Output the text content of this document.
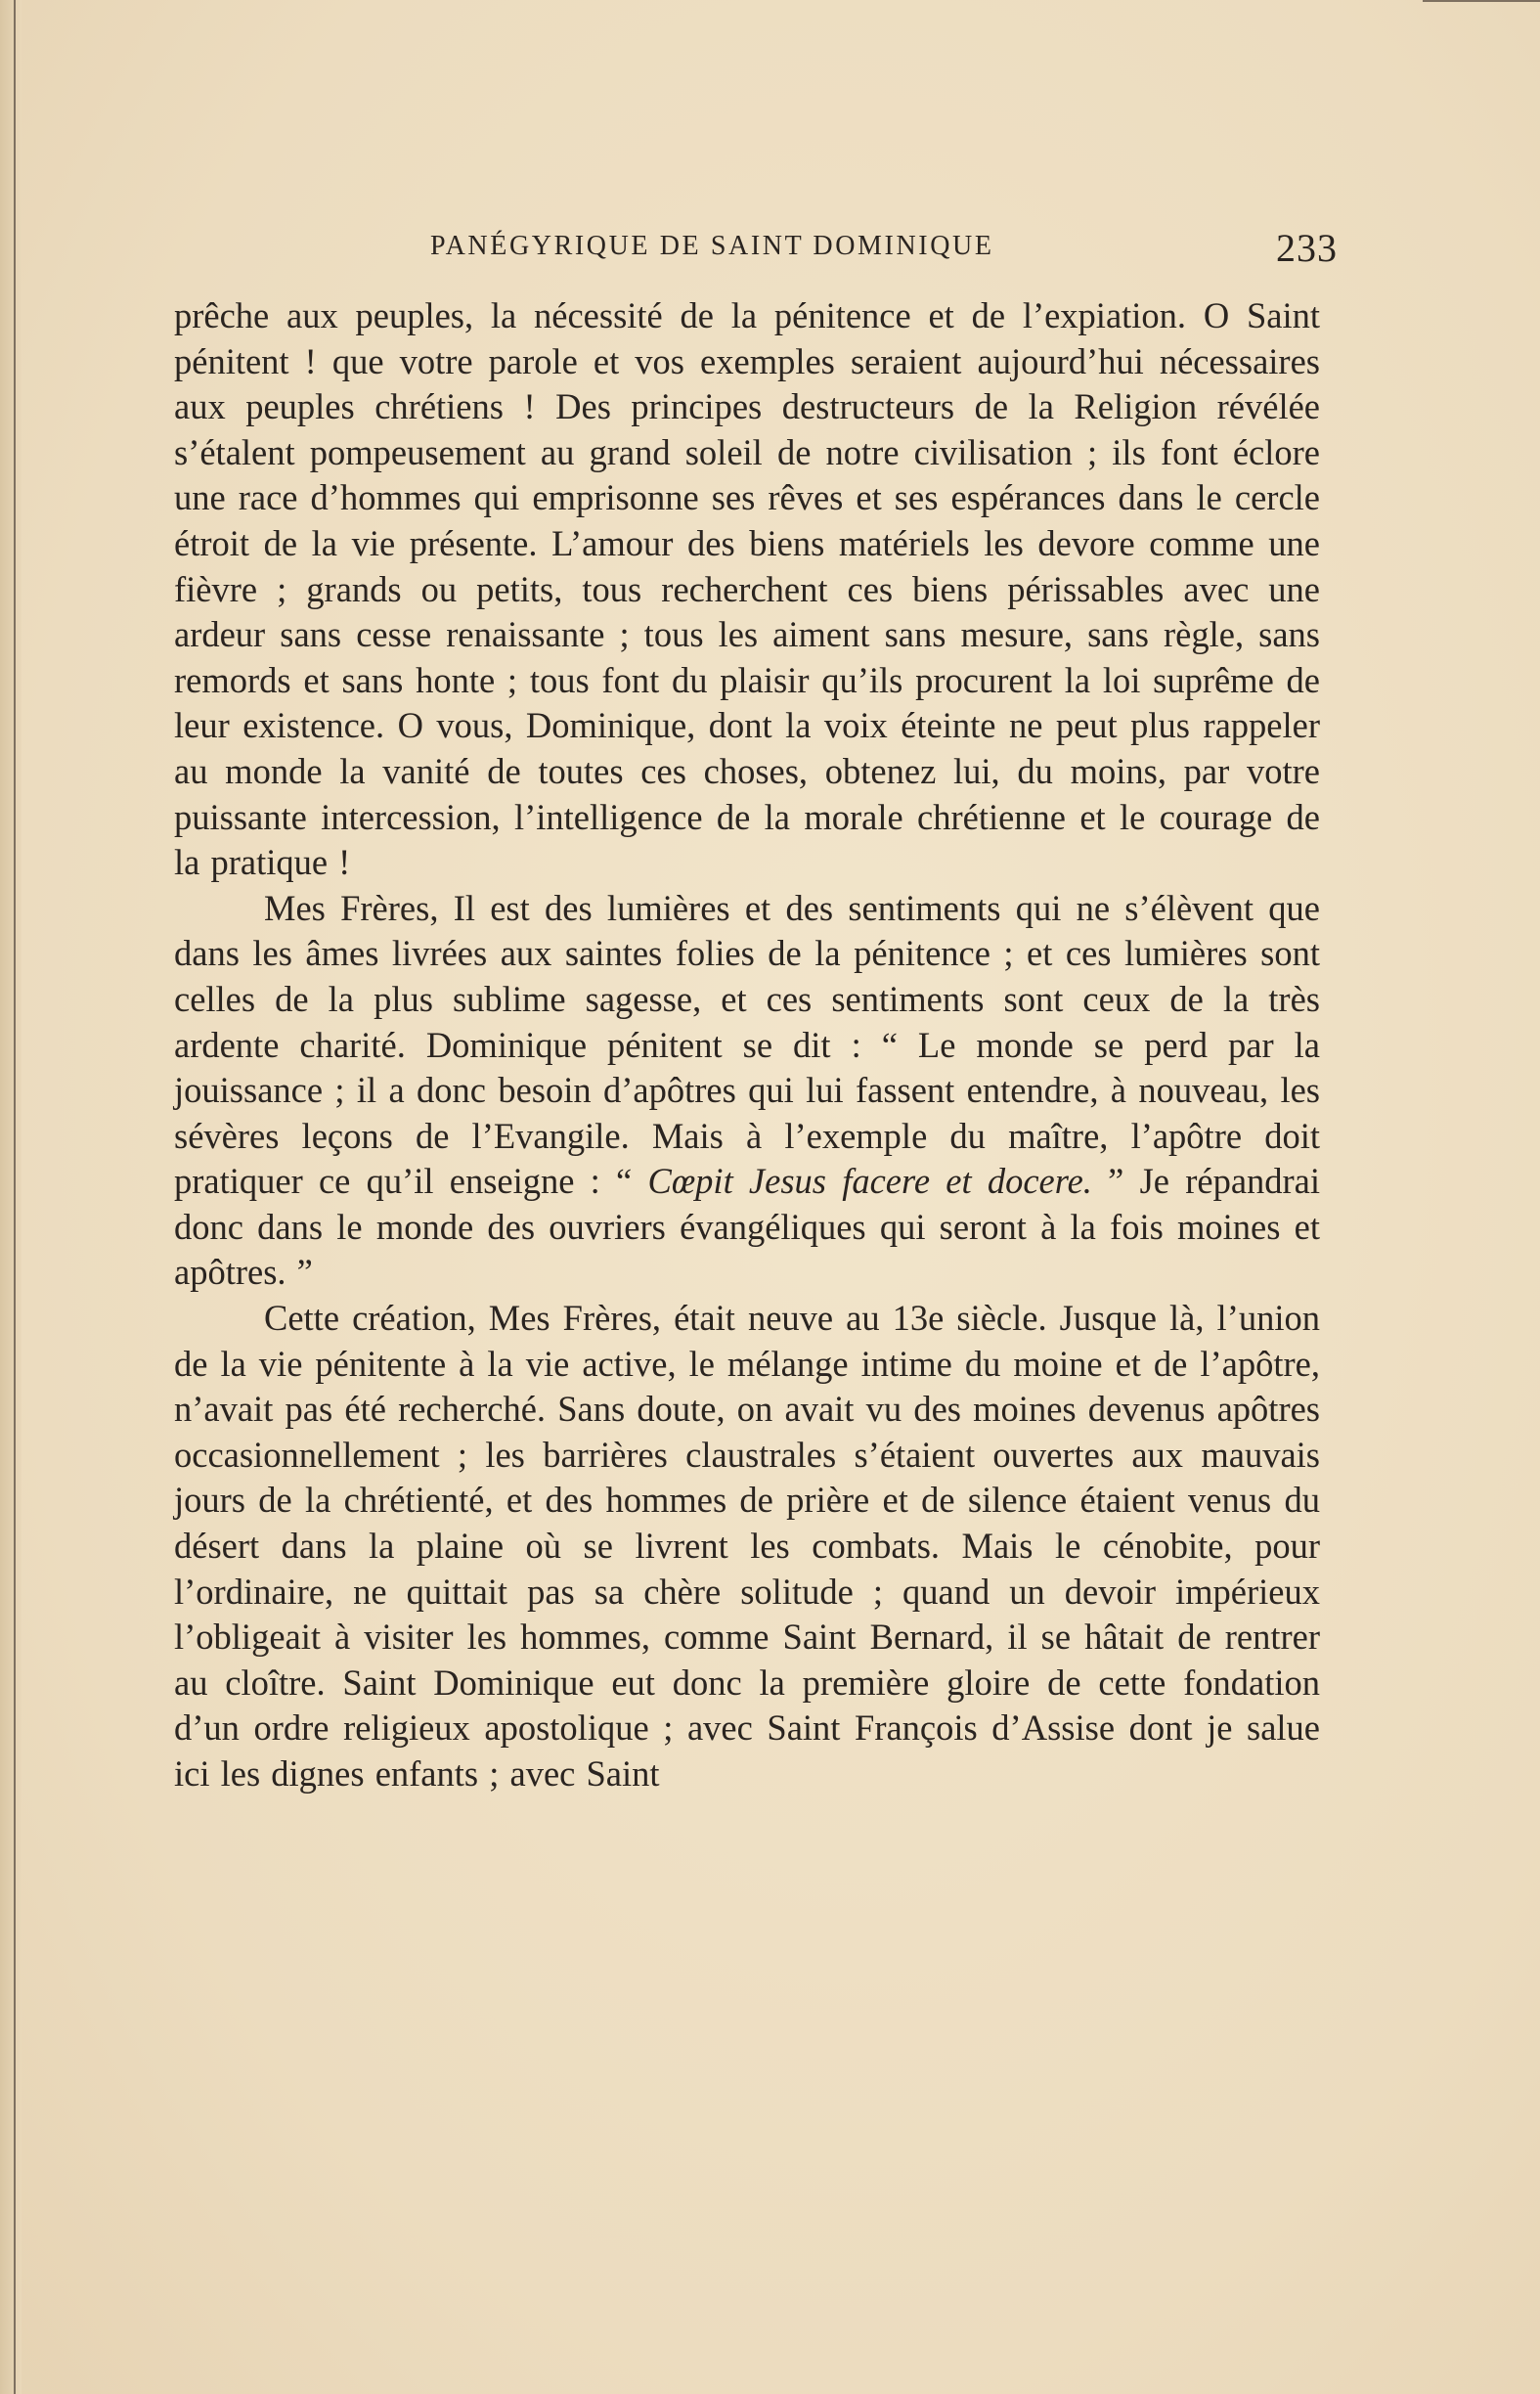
PANÉGYRIQUE DE SAINT DOMINIQUE	233

prêche aux peuples, la nécessité de la pénitence et de l’expiation. O Saint pénitent ! que votre parole et vos exemples seraient aujourd’hui nécessaires aux peuples chrétiens ! Des principes destructeurs de la Religion révélée s’étalent pompeusement au grand soleil de notre civilisation ; ils font éclore une race d’hommes qui emprisonne ses rêves et ses espérances dans le cercle étroit de la vie présente. L’amour des biens matériels les devore comme une fièvre ; grands ou petits, tous recherchent ces biens périssables avec une ardeur sans cesse renaissante ; tous les aiment sans mesure, sans règle, sans remords et sans honte ; tous font du plaisir qu’ils procurent la loi suprême de leur existence. O vous, Dominique, dont la voix éteinte ne peut plus rappeler au monde la vanité de toutes ces choses, obtenez lui, du moins, par votre puissante intercession, l’intelligence de la morale chrétienne et le courage de la pratique !

Mes Frères, Il est des lumières et des sentiments qui ne s’élèvent que dans les âmes livrées aux saintes folies de la pénitence ; et ces lumières sont celles de la plus sublime sagesse, et ces sentiments sont ceux de la très ardente charité. Dominique pénitent se dit : “ Le monde se perd par la jouissance ; il a donc besoin d’apôtres qui lui fassent entendre, à nouveau, les sévères leçons de l’Evangile. Mais à l’exemple du maître, l’apôtre doit pratiquer ce qu’il enseigne : “ Cœpit Jesus facere et docere. ” Je répandrai donc dans le monde des ouvriers évangéliques qui seront à la fois moines et apôtres. ”

Cette création, Mes Frères, était neuve au 13e siècle. Jusque là, l’union de la vie pénitente à la vie active, le mélange intime du moine et de l’apôtre, n’avait pas été recherché. Sans doute, on avait vu des moines devenus apôtres occasionnellement ; les barrières claustrales s’étaient ouvertes aux mauvais jours de la chrétienté, et des hommes de prière et de silence étaient venus du désert dans la plaine où se livrent les combats. Mais le cénobite, pour l’ordinaire, ne quittait pas sa chère solitude ; quand un devoir impérieux l’obligeait à visiter les hommes, comme Saint Bernard, il se hâtait de rentrer au cloître. Saint Dominique eut donc la première gloire de cette fondation d’un ordre religieux apostolique ; avec Saint François d’Assise dont je salue ici les dignes enfants ; avec Saint
